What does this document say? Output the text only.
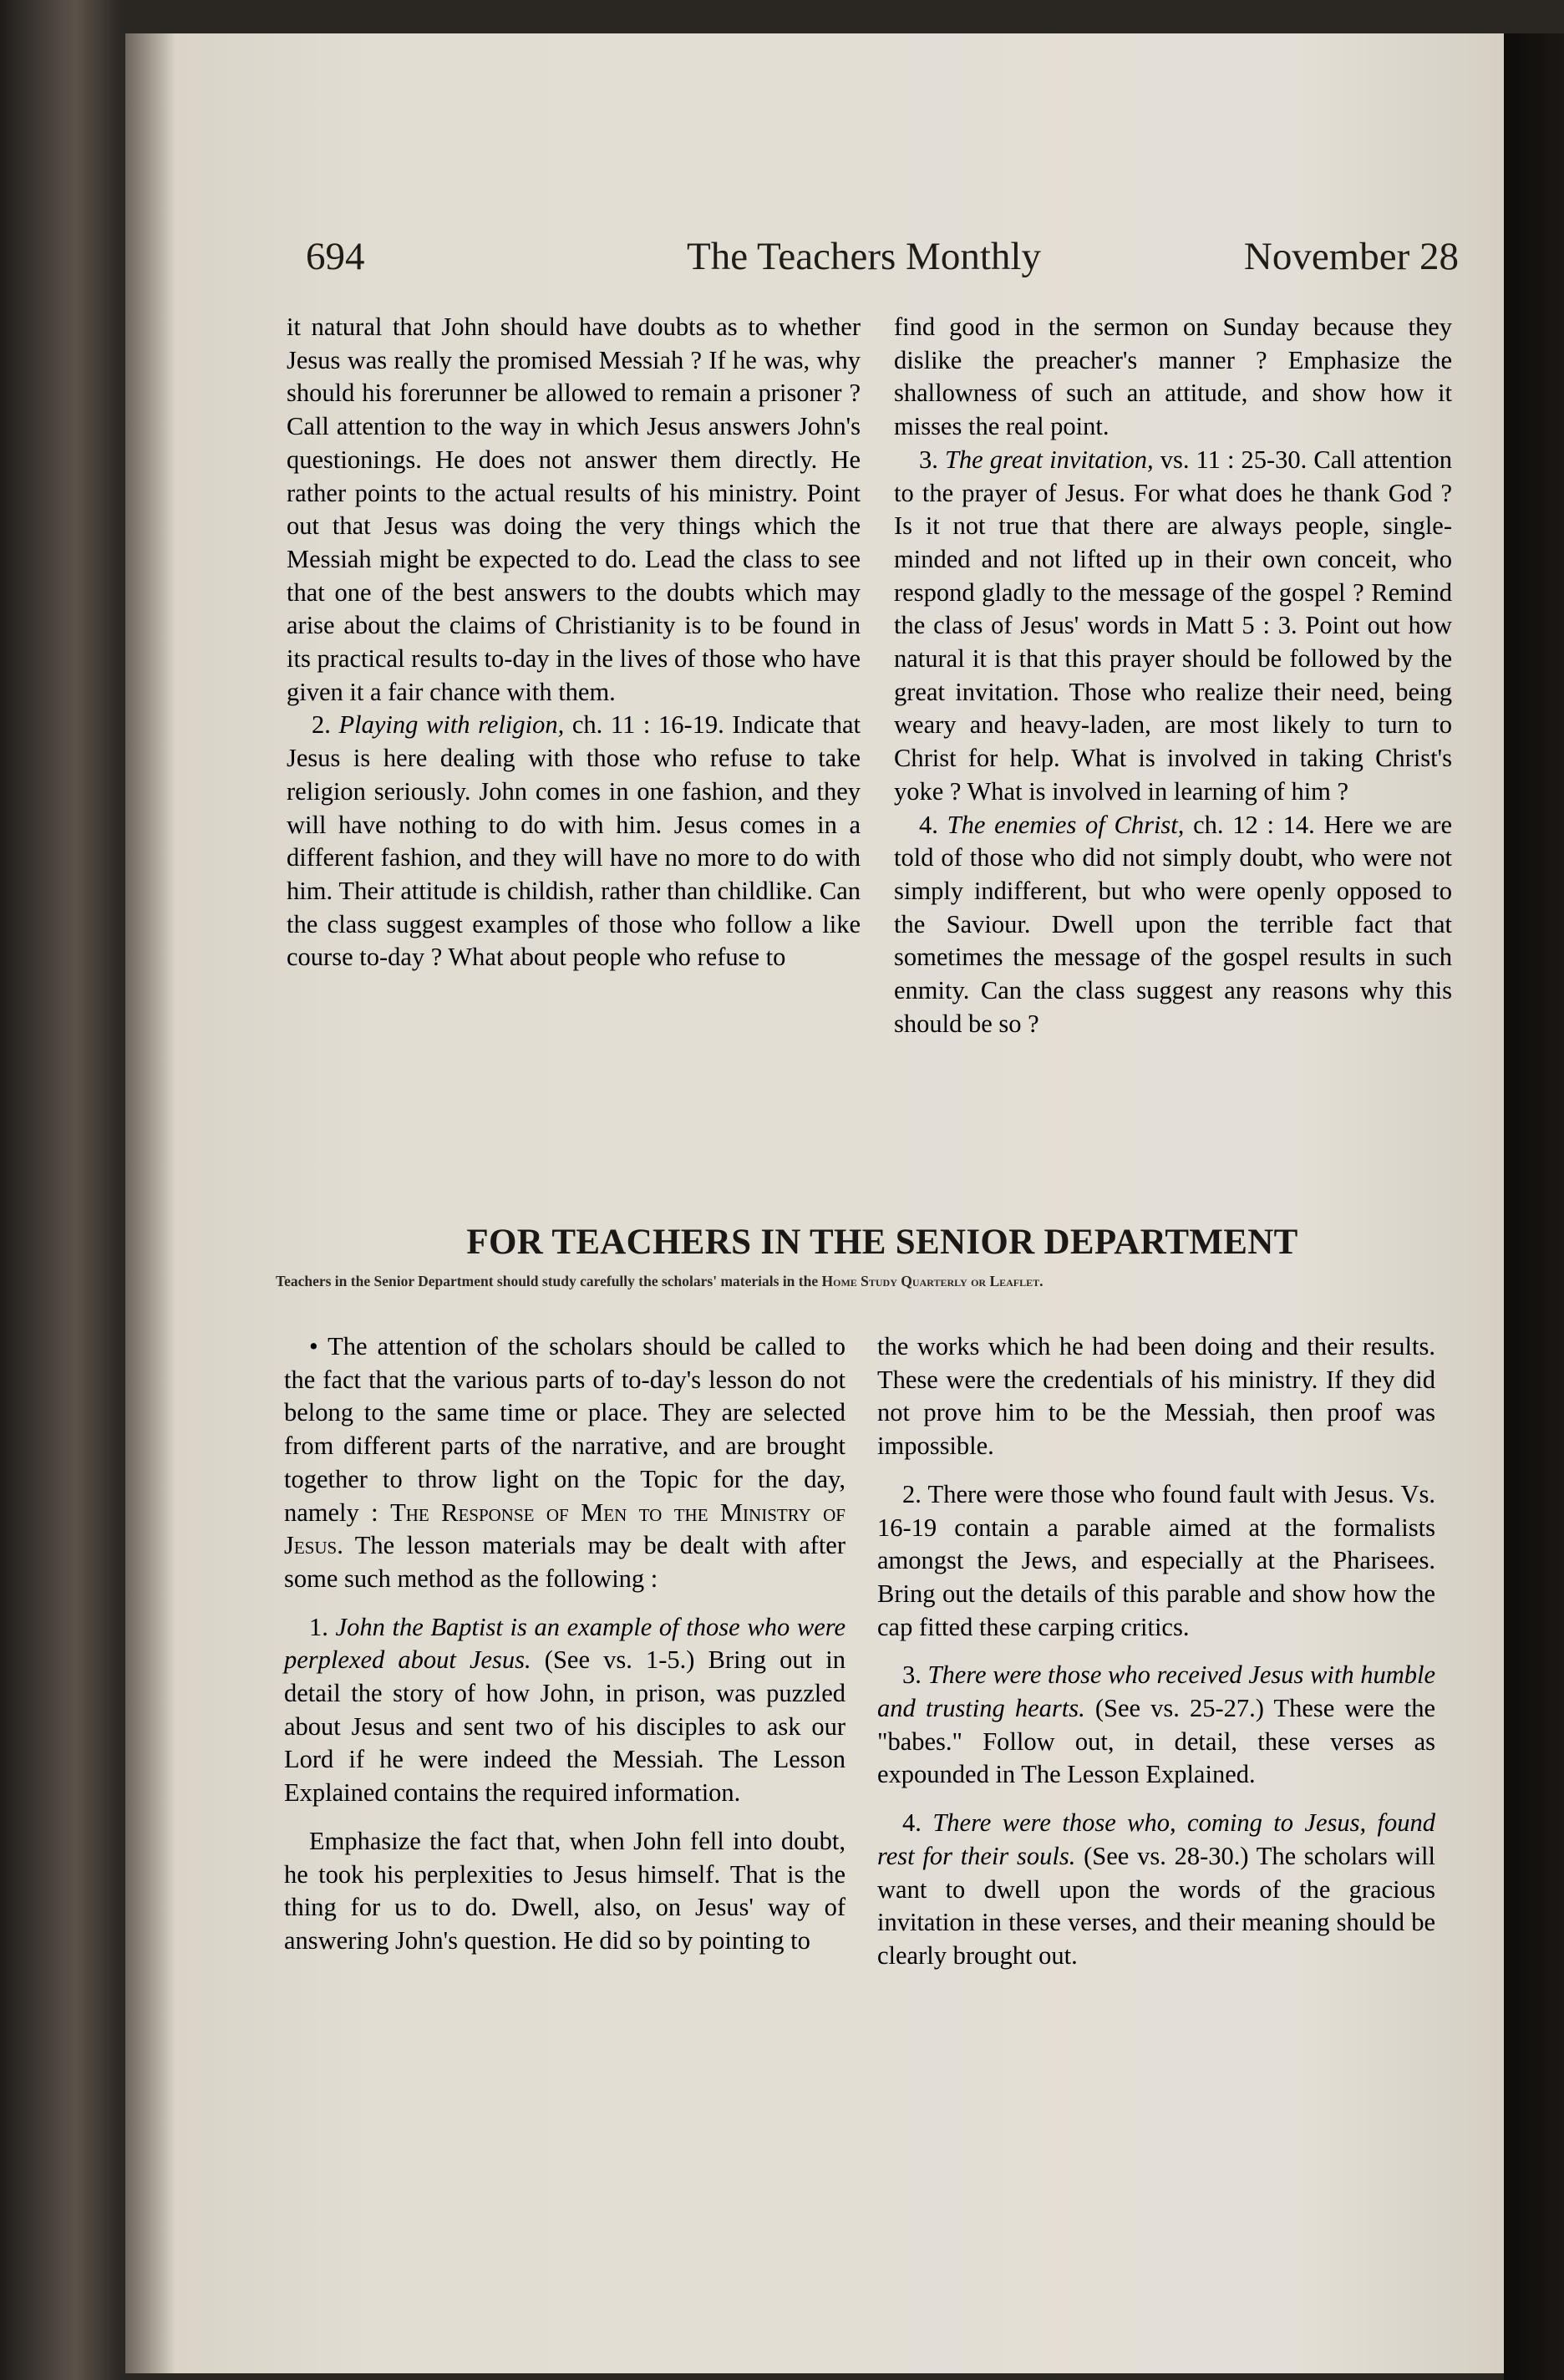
694	The Teachers Monthly	November 28

it natural that John should have doubts as to whether Jesus was really the promised Messiah ? If he was, why should his forerunner be allowed to remain a prisoner ? Call attention to the way in which Jesus answers John's questionings. He does not answer them directly. He rather points to the actual results of his ministry. Point out that Jesus was doing the very things which the Messiah might be expected to do. Lead the class to see that one of the best answers to the doubts which may arise about the claims of Christianity is to be found in its practical results to-day in the lives of those who have given it a fair chance with them.

2. Playing with religion, ch. 11 : 16-19. Indicate that Jesus is here dealing with those who refuse to take religion seriously. John comes in one fashion, and they will have nothing to do with him. Jesus comes in a different fashion, and they will have no more to do with him. Their attitude is childish, rather than childlike. Can the class suggest examples of those who follow a like course to-day ? What about people who refuse to

find good in the sermon on Sunday because they dislike the preacher's manner ? Emphasize the shallowness of such an attitude, and show how it misses the real point.

3. The great invitation, vs. 11 : 25-30. Call attention to the prayer of Jesus. For what does he thank God ? Is it not true that there are always people, single-minded and not lifted up in their own conceit, who respond gladly to the message of the gospel ? Remind the class of Jesus' words in Matt 5 : 3. Point out how natural it is that this prayer should be followed by the great invitation. Those who realize their need, being weary and heavy-laden, are most likely to turn to Christ for help. What is involved in taking Christ's yoke ? What is involved in learning of him ?

4. The enemies of Christ, ch. 12 : 14. Here we are told of those who did not simply doubt, who were not simply indifferent, but who were openly opposed to the Saviour. Dwell upon the terrible fact that sometimes the message of the gospel results in such enmity. Can the class suggest any reasons why this should be so ?

FOR TEACHERS IN THE SENIOR DEPARTMENT
Teachers in the Senior Department should study carefully the scholars' materials in the Home Study Quarterly or Leaflet.

• The attention of the scholars should be called to the fact that the various parts of to-day's lesson do not belong to the same time or place. They are selected from different parts of the narrative, and are brought together to throw light on the Topic for the day, namely : The Response of Men to the Ministry of Jesus. The lesson materials may be dealt with after some such method as the following :

1. John the Baptist is an example of those who were perplexed about Jesus. (See vs. 1-5.) Bring out in detail the story of how John, in prison, was puzzled about Jesus and sent two of his disciples to ask our Lord if he were indeed the Messiah. The Lesson Explained contains the required information.

Emphasize the fact that, when John fell into doubt, he took his perplexities to Jesus himself. That is the thing for us to do. Dwell, also, on Jesus' way of answering John's question. He did so by pointing to

the works which he had been doing and their results. These were the credentials of his ministry. If they did not prove him to be the Messiah, then proof was impossible.

2. There were those who found fault with Jesus. Vs. 16-19 contain a parable aimed at the formalists amongst the Jews, and especially at the Pharisees. Bring out the details of this parable and show how the cap fitted these carping critics.

3. There were those who received Jesus with humble and trusting hearts. (See vs. 25-27.) These were the "babes." Follow out, in detail, these verses as expounded in The Lesson Explained.

4. There were those who, coming to Jesus, found rest for their souls. (See vs. 28-30.) The scholars will want to dwell upon the words of the gracious invitation in these verses, and their meaning should be clearly brought out.
